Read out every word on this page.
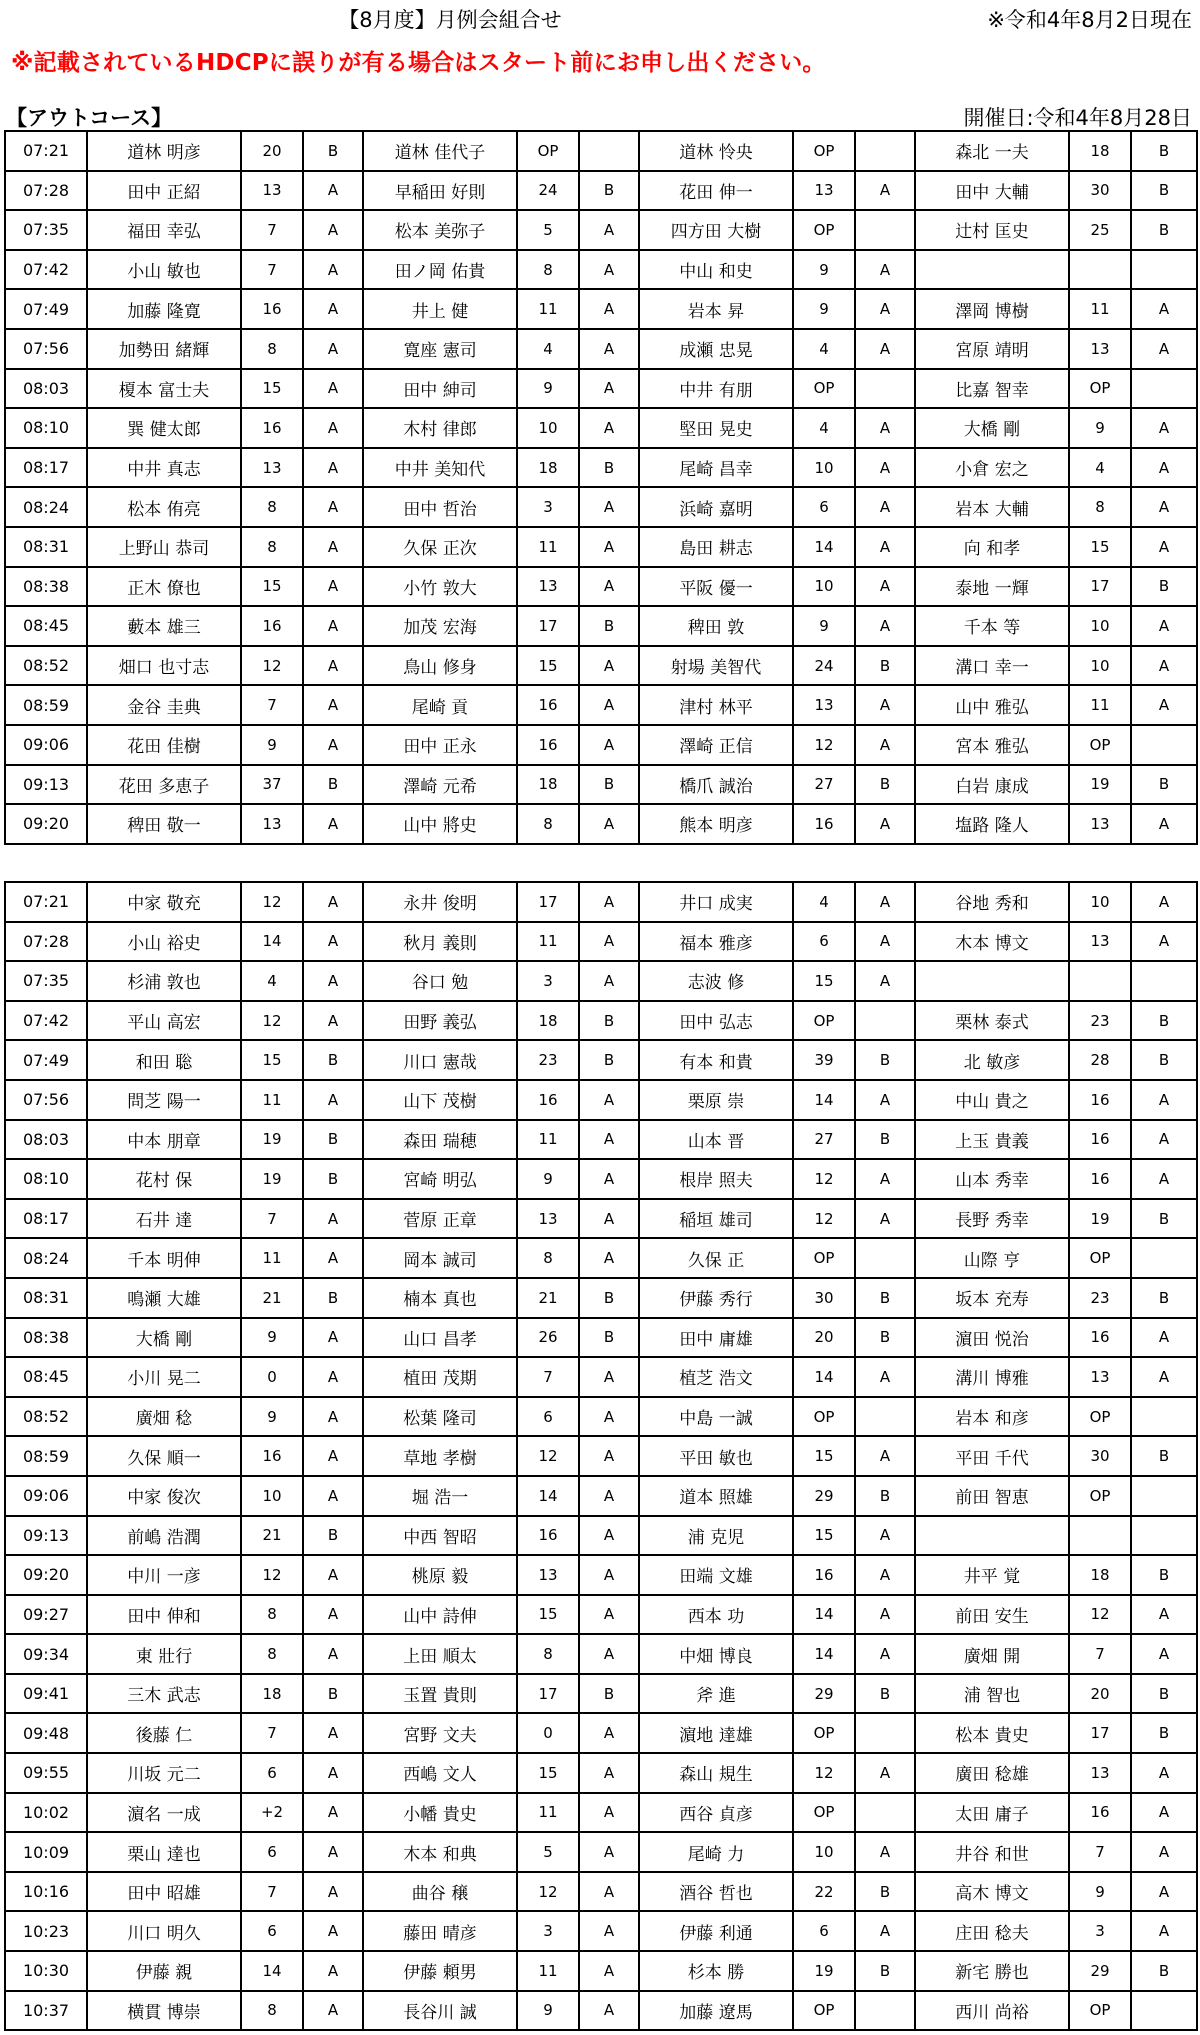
【8月度】月例会組合せ	※令和4年8月2日現在
※記載されているHDCPに誤りが有る場合はスタート前にお申し出ください。
【アウトコース】	開催日:令和4年8月28日
07:21	道林 明彦	20	B	道林 佳代子	OP		道林 怜央	OP		森北 一夫	18	B
07:28	田中 正紹	13	A	早稲田 好則	24	B	花田 伸一	13	A	田中 大輔	30	B
07:35	福田 幸弘	7	A	松本 美弥子	5	A	四方田 大樹	OP		辻村 匡史	25	B
07:42	小山 敏也	7	A	田ノ岡 佑貴	8	A	中山 和史	9	A			
07:49	加藤 隆寛	16	A	井上 健	11	A	岩本 昇	9	A	澤岡 博樹	11	A
07:56	加勢田 緒輝	8	A	寛座 憲司	4	A	成瀬 忠晃	4	A	宮原 靖明	13	A
08:03	榎本 富士夫	15	A	田中 紳司	9	A	中井 有朋	OP		比嘉 智幸	OP	
08:10	巽 健太郎	16	A	木村 律郎	10	A	堅田 晃史	4	A	大橋 剛	9	A
08:17	中井 真志	13	A	中井 美知代	18	B	尾崎 昌幸	10	A	小倉 宏之	4	A
08:24	松本 侑亮	8	A	田中 哲治	3	A	浜崎 嘉明	6	A	岩本 大輔	8	A
08:31	上野山 恭司	8	A	久保 正次	11	A	島田 耕志	14	A	向 和孝	15	A
08:38	正木 僚也	15	A	小竹 敦大	13	A	平阪 優一	10	A	泰地 一輝	17	B
08:45	藪本 雄三	16	A	加茂 宏海	17	B	稗田 敦	9	A	千本 等	10	A
08:52	畑口 也寸志	12	A	鳥山 修身	15	A	射場 美智代	24	B	溝口 幸一	10	A
08:59	金谷 圭典	7	A	尾崎 貢	16	A	津村 林平	13	A	山中 雅弘	11	A
09:06	花田 佳樹	9	A	田中 正永	16	A	澤崎 正信	12	A	宮本 雅弘	OP	
09:13	花田 多恵子	37	B	澤崎 元希	18	B	橋爪 誠治	27	B	白岩 康成	19	B
09:20	稗田 敬一	13	A	山中 將史	8	A	熊本 明彦	16	A	塩路 隆人	13	A
07:21	中家 敬充	12	A	永井 俊明	17	A	井口 成実	4	A	谷地 秀和	10	A
07:28	小山 裕史	14	A	秋月 義則	11	A	福本 雅彦	6	A	木本 博文	13	A
07:35	杉浦 敦也	4	A	谷口 勉	3	A	志波 修	15	A			
07:42	平山 高宏	12	A	田野 義弘	18	B	田中 弘志	OP		栗林 泰式	23	B
07:49	和田 聡	15	B	川口 憲哉	23	B	有本 和貴	39	B	北 敏彦	28	B
07:56	問芝 陽一	11	A	山下 茂樹	16	A	栗原 崇	14	A	中山 貴之	16	A
08:03	中本 朋章	19	B	森田 瑞穂	11	A	山本 晋	27	B	上玉 貴義	16	A
08:10	花村 保	19	B	宮崎 明弘	9	A	根岸 照夫	12	A	山本 秀幸	16	A
08:17	石井 達	7	A	菅原 正章	13	A	稲垣 雄司	12	A	長野 秀幸	19	B
08:24	千本 明伸	11	A	岡本 誠司	8	A	久保 正	OP		山際 亨	OP	
08:31	鳴瀬 大雄	21	B	楠本 真也	21	B	伊藤 秀行	30	B	坂本 充寿	23	B
08:38	大橋 剛	9	A	山口 昌孝	26	B	田中 庸雄	20	B	濵田 悦治	16	A
08:45	小川 晃二	0	A	植田 茂期	7	A	植芝 浩文	14	A	溝川 博雅	13	A
08:52	廣畑 稔	9	A	松葉 隆司	6	A	中島 一誠	OP		岩本 和彦	OP	
08:59	久保 順一	16	A	草地 孝樹	12	A	平田 敏也	15	A	平田 千代	30	B
09:06	中家 俊次	10	A	堀 浩一	14	A	道本 照雄	29	B	前田 智恵	OP	
09:13	前嶋 浩潤	21	B	中西 智昭	16	A	浦 克児	15	A			
09:20	中川 一彦	12	A	桃原 毅	13	A	田端 文雄	16	A	井平 覚	18	B
09:27	田中 伸和	8	A	山中 詩伸	15	A	西本 功	14	A	前田 安生	12	A
09:34	東 壯行	8	A	上田 順太	8	A	中畑 博良	14	A	廣畑 開	7	A
09:41	三木 武志	18	B	玉置 貴則	17	B	斧 進	29	B	浦 智也	20	B
09:48	後藤 仁	7	A	宮野 文夫	0	A	濵地 達雄	OP		松本 貴史	17	B
09:55	川坂 元二	6	A	西嶋 文人	15	A	森山 規生	12	A	廣田 稔雄	13	A
10:02	濵名 一成	+2	A	小幡 貴史	11	A	西谷 貞彦	OP		太田 庸子	16	A
10:09	栗山 達也	6	A	木本 和典	5	A	尾崎 力	10	A	井谷 和世	7	A
10:16	田中 昭雄	7	A	曲谷 穣	12	A	酒谷 哲也	22	B	高木 博文	9	A
10:23	川口 明久	6	A	藤田 晴彦	3	A	伊藤 利通	6	A	庄田 稔夫	3	A
10:30	伊藤 親	14	A	伊藤 頼男	11	A	杉本 勝	19	B	新宅 勝也	29	B
10:37	横貫 博崇	8	A	長谷川 誠	9	A	加藤 遼馬	OP		西川 尚裕	OP	
